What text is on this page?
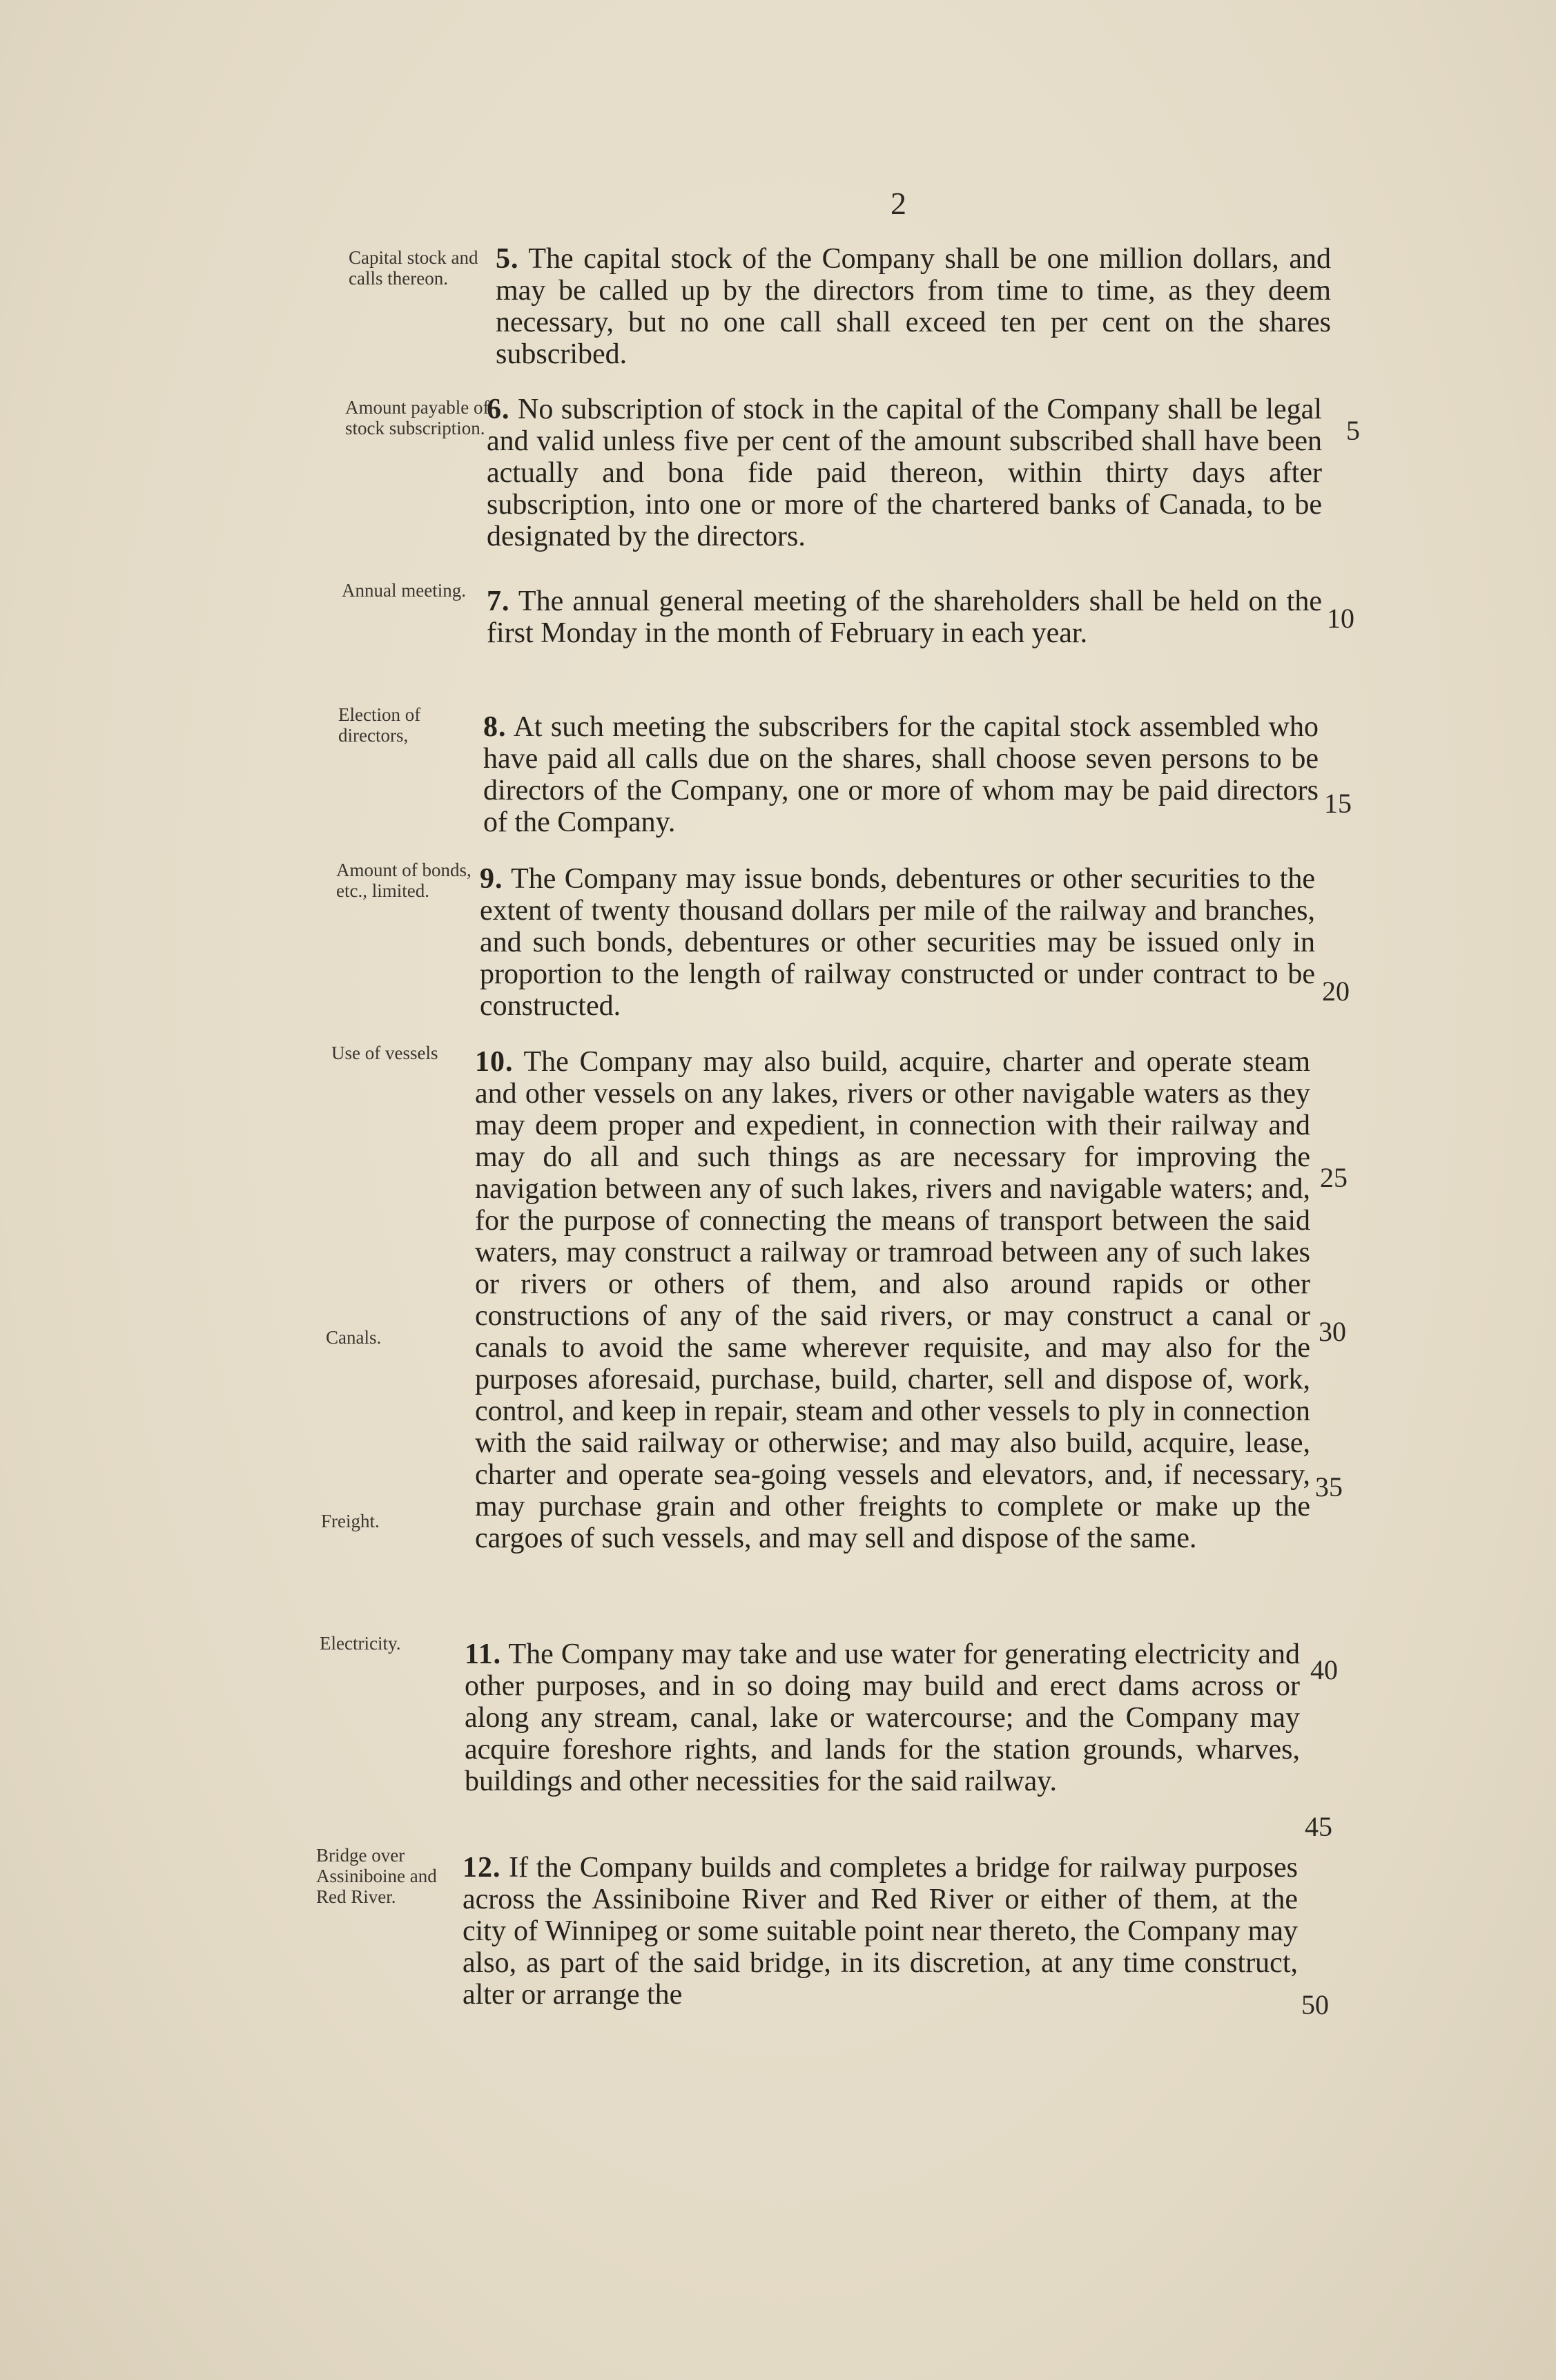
2
Capital stock and calls thereon.
5. The capital stock of the Company shall be one million dollars, and may be called up by the directors from time to time, as they deem necessary, but no one call shall exceed ten per cent on the shares subscribed.
Amount payable of stock subscription.
6. No subscription of stock in the capital of the Company shall be legal and valid unless five per cent of the amount subscribed shall have been actually and bona fide paid thereon, within thirty days after subscription, into one or more of the chartered banks of Canada, to be designated by the directors.
Annual meeting. 7. The annual general meeting of the shareholders shall be held on the first Monday in the month of February in each year.
Election of directors,	8. At such meeting the subscribers for the capital stock assembled who have paid all calls due on the shares, shall choose seven persons to be directors of the Company, one or more of whom may be paid directors of the Company.
Amount of bonds, etc., limited.	9. The Company may issue bonds, debentures or other securities to the extent of twenty thousand dollars per mile of the railway and branches, and such bonds, debentures or other securities may be issued only in proportion to the length of railway constructed or under contract to be constructed.
Use of vessels
Canals.
Freight.
10. The Company may also build, acquire, charter and operate steam and other vessels on any lakes, rivers or other navigable waters as they may deem proper and expedient, in connection with their railway and may do all and such things as are necessary for improving the navigation between any of such lakes, rivers and navigable waters; and, for the purpose of connecting the means of transport between the said waters, may construct a railway or tramroad between any of such lakes or rivers or others of them, and also around rapids or other constructions of any of the said rivers, or may construct a canal or canals to avoid the same wherever requisite, and may also for the purposes aforesaid, purchase, build, charter, sell and dispose of, work, control, and keep in repair, steam and other vessels to ply in connection with the said railway or otherwise; and may also build, acquire, lease, charter and operate sea-going vessels and elevators, and, if necessary, may purchase grain and other freights to complete or make up the cargoes of such vessels, and may sell and dispose of the same.
Electricity.	11. The Company may take and use water for generating electricity and other purposes, and in so doing may build and erect dams across or along any stream, canal, lake or watercourse; and the Company may acquire foreshore rights, and lands for the station grounds, wharves, buildings and other necessities for the said railway.
Bridge over Assiniboine and Red River.
12. If the Company builds and completes a bridge for railway purposes across the Assiniboine River and Red River or either of them, at the city of Winnipeg or some suitable point near thereto, the Company may also, as part of the said bridge, in its discretion, at any time construct, alter or arrange the
5
10
15
20
25
30
35
40
45
50
